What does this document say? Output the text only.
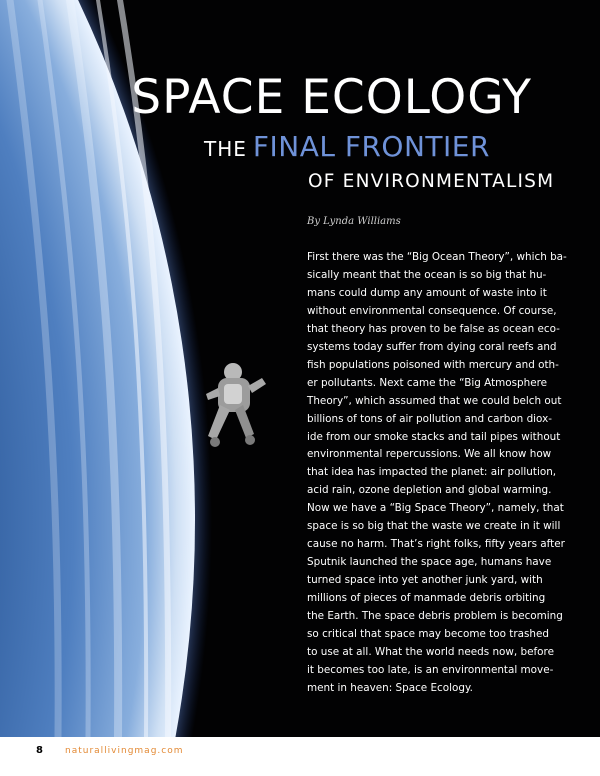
SPACE ECOLOGY
THE FINAL FRONTIER
OF ENVIRONMENTALISM
By Lynda Williams

First there was the “Big Ocean Theory”, which ba-
sically meant that the ocean is so big that hu-
mans could dump any amount of waste into it
without environmental consequence. Of course,
that theory has proven to be false as ocean eco-
systems today suffer from dying coral reefs and
fish populations poisoned with mercury and oth-
er pollutants. Next came the “Big Atmosphere
Theory”, which assumed that we could belch out
billions of tons of air pollution and carbon diox-
ide from our smoke stacks and tail pipes without
environmental repercussions. We all know how
that idea has impacted the planet: air pollution,
acid rain, ozone depletion and global warming.
Now we have a “Big Space Theory”, namely, that
space is so big that the waste we create in it will
cause no harm. That’s right folks, fifty years after
Sputnik launched the space age, humans have
turned space into yet another junk yard, with
millions of pieces of manmade debris orbiting
the Earth. The space debris problem is becoming
so critical that space may become too trashed
to use at all. What the world needs now, before
it becomes too late, is an environmental move-
ment in heaven: Space Ecology.

8 naturallivingmag.com
